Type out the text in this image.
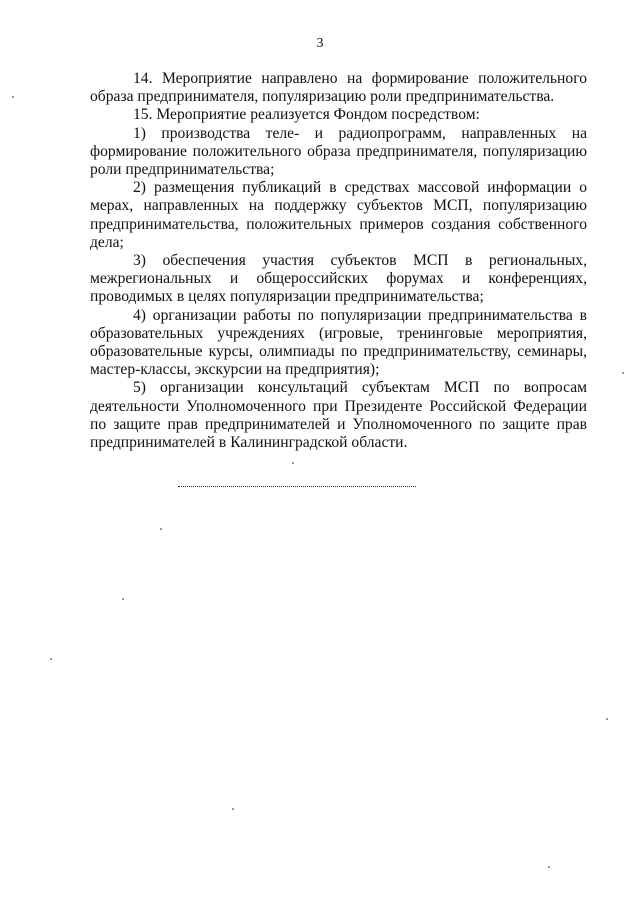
3

14. Мероприятие направлено на формирование положительного образа предпринимателя, популяризацию роли предпринимательства.

15. Мероприятие реализуется Фондом посредством:

1) производства теле- и радиопрограмм, направленных на формирование положительного образа предпринимателя, популяризацию роли предпринимательства;

2) размещения публикаций в средствах массовой информации о мерах, направленных на поддержку субъектов МСП, популяризацию предпринимательства, положительных примеров создания собственного дела;

3) обеспечения участия субъектов МСП в региональных, межрегиональных и общероссийских форумах и конференциях, проводимых в целях популяризации предпринимательства;

4) организации работы по популяризации предпринимательства в образовательных учреждениях (игровые, тренинговые мероприятия, образовательные курсы, олимпиады по предпринимательству, семинары, мастер-классы, экскурсии на предприятия);

5) организации консультаций субъектам МСП по вопросам деятельности Уполномоченного при Президенте Российской Федерации по защите прав предпринимателей и Уполномоченного по защите прав предпринимателей в Калининградской области.
